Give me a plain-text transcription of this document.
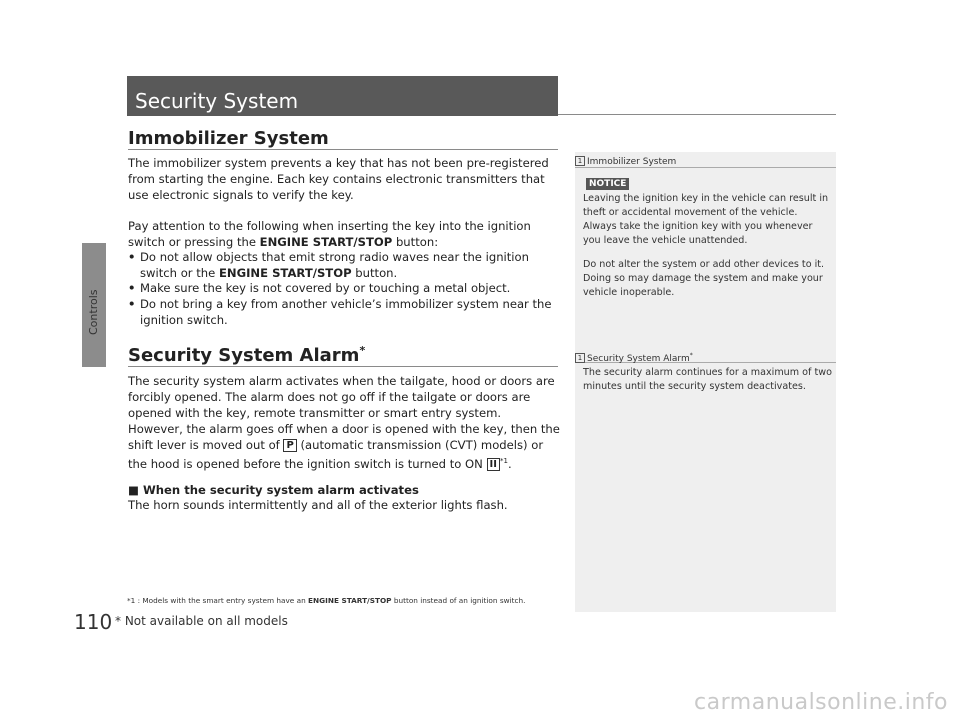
Controls
110 * Not available on all models
Security System
Immobilizer System

The immobilizer system prevents a key that has not been pre-registered from starting the engine. Each key contains electronic transmitters that use electronic signals to verify the key.

Pay attention to the following when inserting the key into the ignition switch or pressing the ENGINE START/STOP button:

• Do not allow objects that emit strong radio waves near the ignition switch or the ENGINE START/STOP button.
• Make sure the key is not covered by or touching a metal object.
• Do not bring a key from another vehicle’s immobilizer system near the ignition switch.
Security System Alarm*

The security system alarm activates when the tailgate, hood or doors are forcibly opened. The alarm does not go off if the tailgate or doors are opened with the key, remote transmitter or smart entry system.

However, the alarm goes off when a door is opened with the key, then the shift lever is moved out of P (automatic transmission (CVT) models) or the hood is opened before the ignition switch is turned to ON II $^{*1}$.

■ When the security system alarm activates

The horn sounds intermittently and all of the exterior lights flash.

*1 : Models with the smart entry system have an ENGINE START/STOP button instead of an ignition switch.
1 Immobilizer System
NOTICE

Leaving the ignition key in the vehicle can result in theft or accidental movement of the vehicle. Always take the ignition key with you whenever you leave the vehicle unattended.

Do not alter the system or add other devices to it. Doing so may damage the system and make your vehicle inoperable.

1 Security System Alarm*

The security alarm continues for a maximum of two minutes until the security system deactivates.

carmanualsonline.info
